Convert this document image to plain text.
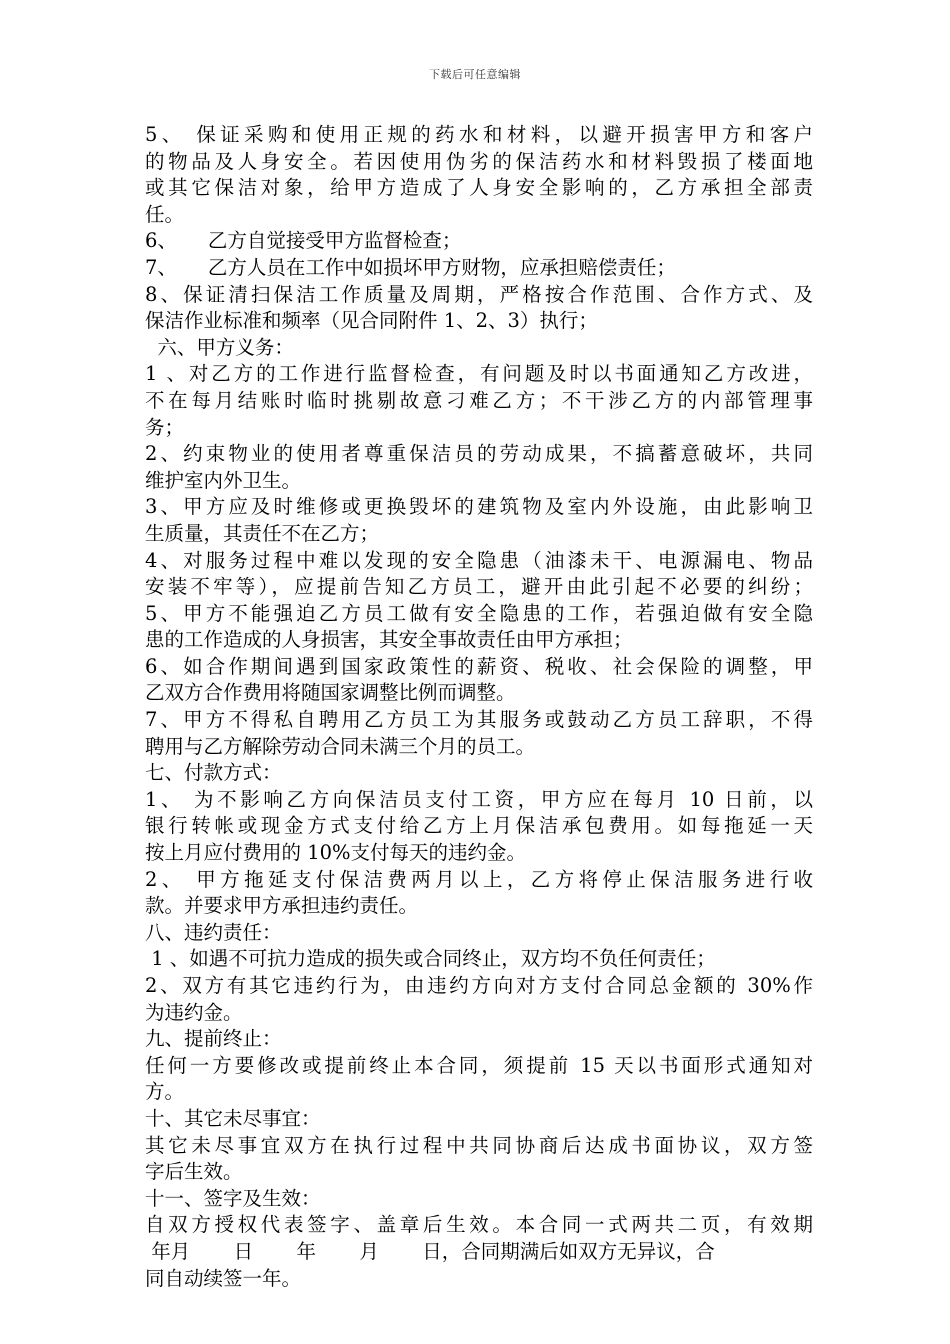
下载后可任意编辑
5、 保证采购和使用正规的药水和材料，以避开损害甲方和客户
的物品及人身安全。若因使用伪劣的保洁药水和材料毁损了楼面地
或其它保洁对象，给甲方造成了人身安全影响的，乙方承担全部责
任。
6、     乙方自觉接受甲方监督检查；
7、     乙方人员在工作中如损坏甲方财物，应承担赔偿责任；
8、保证清扫保洁工作质量及周期，严格按合作范围、合作方式、及
保洁作业标准和频率（见合同附件 1、2、3）执行；
六、甲方义务：
1 、对乙方的工作进行监督检查，有问题及时以书面通知乙方改进，
不在每月结账时临时挑剔故意刁难乙方；不干涉乙方的内部管理事
务；
2、约束物业的使用者尊重保洁员的劳动成果，不搞蓄意破坏，共同
维护室内外卫生。
3、甲方应及时维修或更换毁坏的建筑物及室内外设施，由此影响卫
生质量，其责任不在乙方；
4、对服务过程中难以发现的安全隐患（油漆未干、电源漏电、物品
安装不牢等），应提前告知乙方员工，避开由此引起不必要的纠纷；
5、甲方不能强迫乙方员工做有安全隐患的工作，若强迫做有安全隐
患的工作造成的人身损害，其安全事故责任由甲方承担；
6、如合作期间遇到国家政策性的薪资、税收、社会保险的调整，甲
乙双方合作费用将随国家调整比例而调整。
7、甲方不得私自聘用乙方员工为其服务或鼓动乙方员工辞职，不得
聘用与乙方解除劳动合同未满三个月的员工。
七、付款方式：
1、 为不影响乙方向保洁员支付工资，甲方应在每月 10 日前，以
银行转帐或现金方式支付给乙方上月保洁承包费用。如每拖延一天
按上月应付费用的 10%支付每天的违约金。
2、 甲方拖延支付保洁费两月以上，乙方将停止保洁服务进行收
款。并要求甲方承担违约责任。
八、违约责任：
1 、如遇不可抗力造成的损失或合同终止，双方均不负任何责任；
2、双方有其它违约行为，由违约方向对方支付合同总金额的 30%作
为违约金。
九、提前终止：
任何一方要修改或提前终止本合同，须提前 15 天以书面形式通知对
方。
十、其它未尽事宜：
其它未尽事宜双方在执行过程中共同协商后达成书面协议，双方签
字后生效。
十一、签字及生效：
自双方授权代表签字、盖章后生效。本合同一式两共二页，有效期
年月       日       年       月       日，合同期满后如双方无异议，合
同自动续签一年。
